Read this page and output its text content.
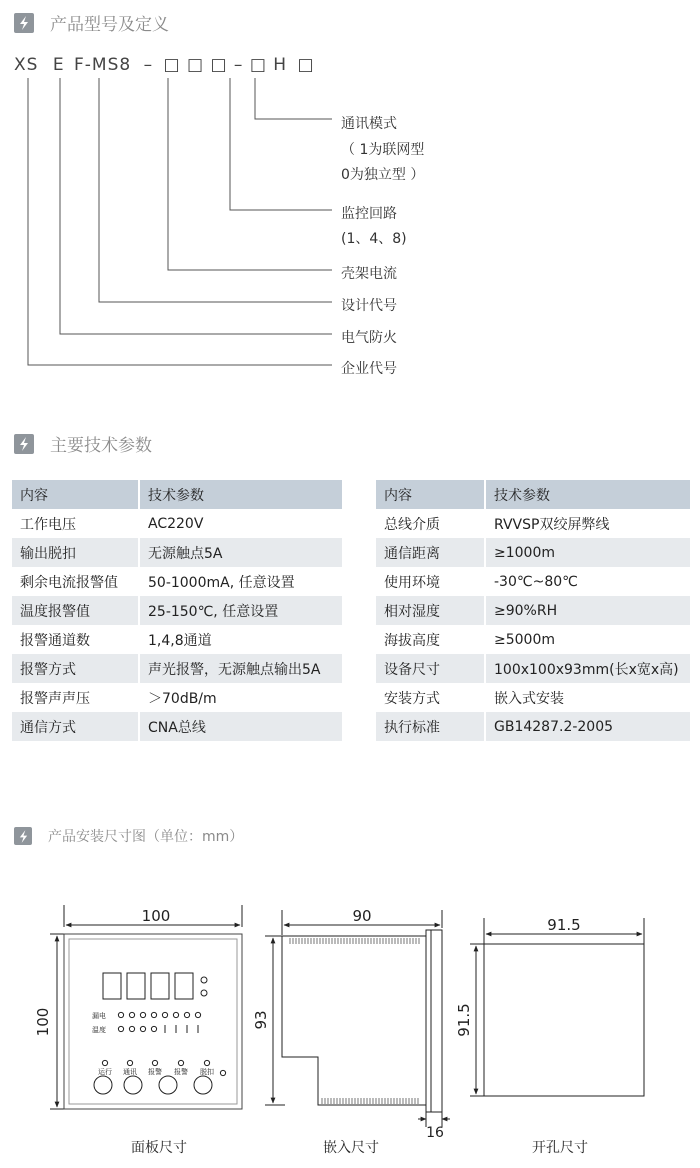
产品型号及定义
XS E F-MS8 – □ □ □ – □ H □
通讯模式
（ 1为联网型
0为独立型 ）
监控回路
(1、4、8)
壳架电流
设计代号
电气防火
企业代号
主要技术参数
内容	技术参数
工作电压	AC220V
输出脱扣	无源触点5A
剩余电流报警值	50-1000mA, 任意设置
温度报警值	25-150℃, 任意设置
报警通道数	1,4,8通道
报警方式	声光报警，无源触点输出5A
报警声声压	＞70dB/m
通信方式	CNA总线
内容	技术参数
总线介质	RVVSP双绞屏弊线
通信距离	≥1000m
使用环境	-30℃~80℃
相对湿度	≥90%RH
海拔高度	≥5000m
设备尺寸	100x100x93mm(长x宽x高)
安装方式	嵌入式安装
执行标准	GB14287.2-2005
产品安装尺寸图（单位：mm）
100
100	漏电
温度
运行 通讯 报警 报警 脱扣
90
93
16
91.5
91.5
面板尺寸	嵌入尺寸	开孔尺寸
